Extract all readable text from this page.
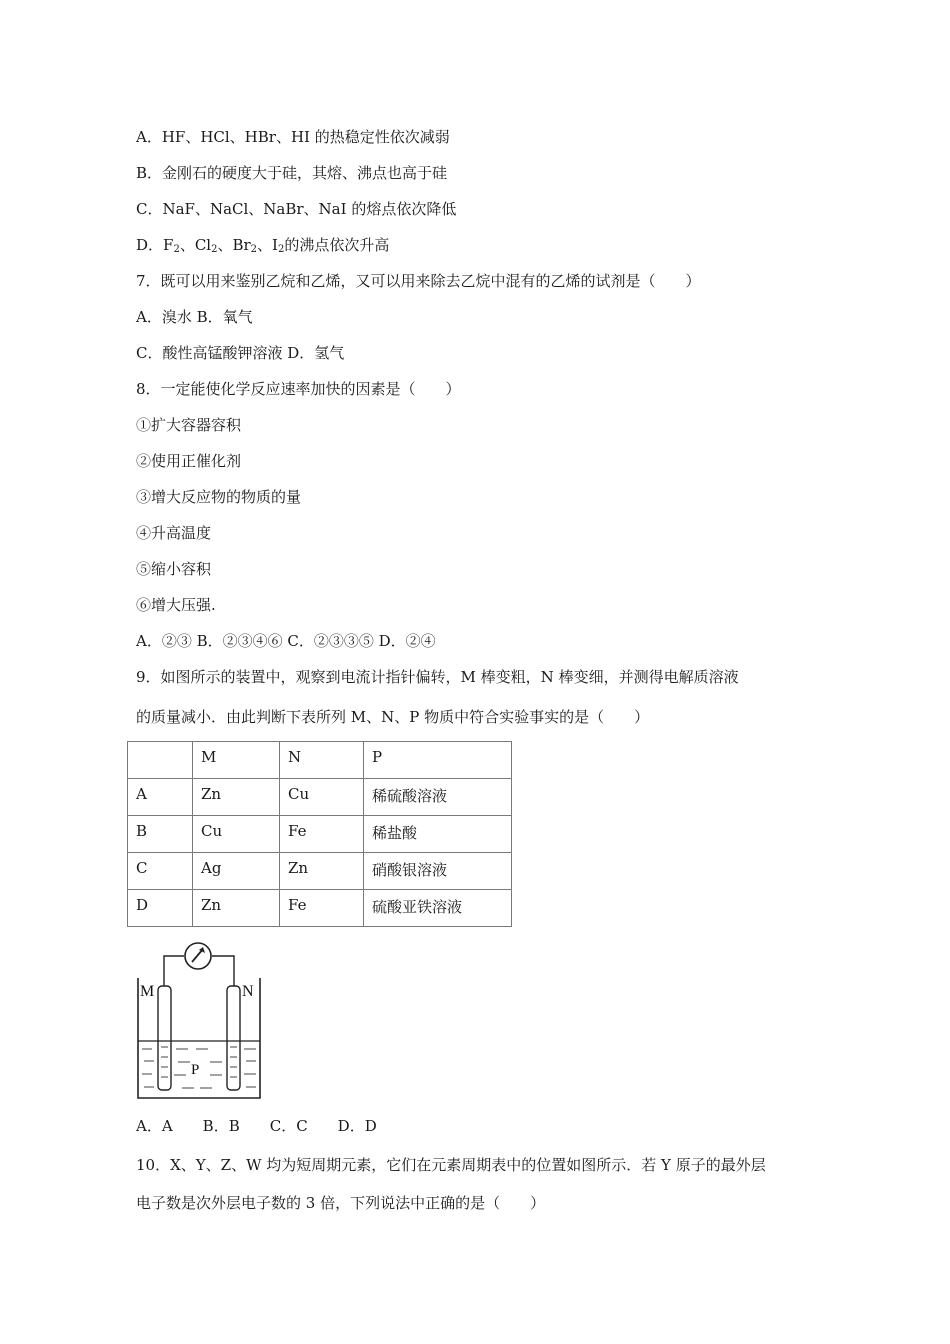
A．HF、HCl、HBr、HI 的热稳定性依次减弱
B．金刚石的硬度大于硅，其熔、沸点也高于硅
C．NaF、NaCl、NaBr、NaI 的熔点依次降低
D．$F_2$、$Cl_2$、$Br_2$、$I_2$的沸点依次升高
7．既可以用来鉴别乙烷和乙烯，又可以用来除去乙烷中混有的乙烯的试剂是（　　）
A．溴水 B．氧气
C．酸性高锰酸钾溶液 D．氢气
8．一定能使化学反应速率加快的因素是（　　）
①扩大容器容积
②使用正催化剂
③增大反应物的物质的量
④升高温度
⑤缩小容积
⑥增大压强.
A．②③ B．②③④⑥ C．②③③⑤ D．②④
9．如图所示的装置中，观察到电流计指针偏转，M 棒变粗，N 棒变细，并测得电解质溶液
的质量减小．由此判断下表所列 M、N、P 物质中符合实验事实的是（　　）
	M	N	P
A	Zn	Cu	稀硫酸溶液
B	Cu	Fe	稀盐酸
C	Ag	Zn	硝酸银溶液
D	Zn	Fe	硫酸亚铁溶液
M	N
P
A．A　　B．B　　C．C　　D．D
10．X、Y、Z、W 均为短周期元素，它们在元素周期表中的位置如图所示．若 Y 原子的最外层
电子数是次外层电子数的 3 倍，下列说法中正确的是（　　）
